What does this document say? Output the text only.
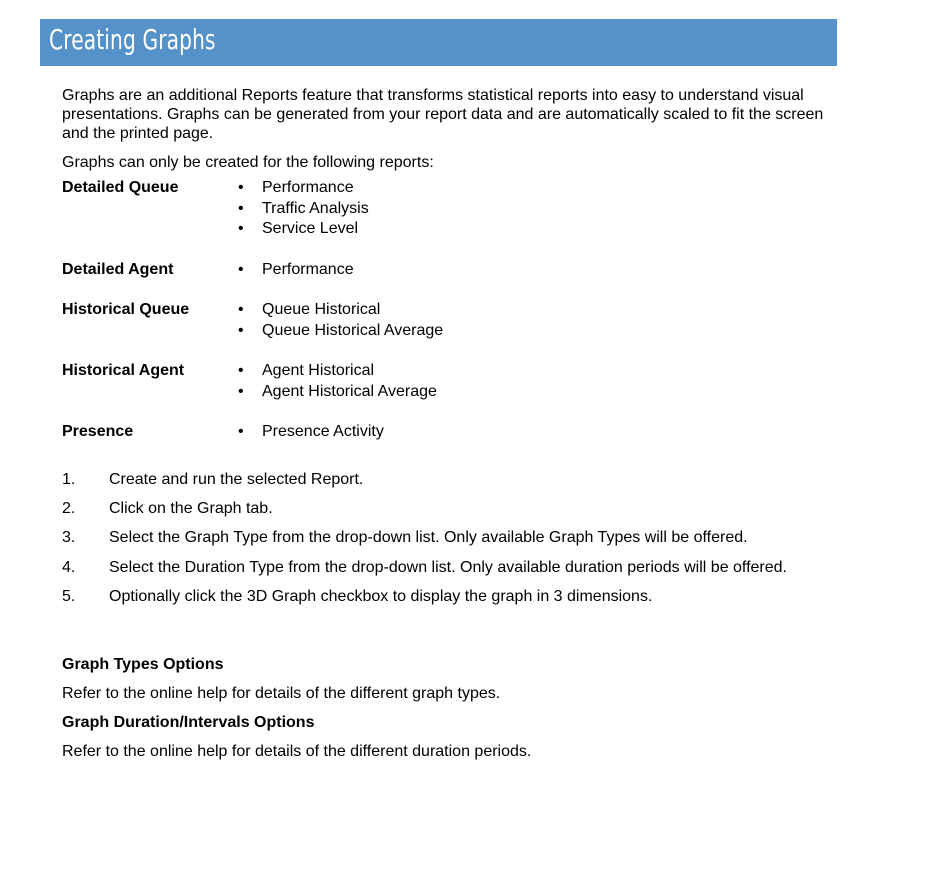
Creating Graphs

Graphs are an additional Reports feature that transforms statistical reports into easy to understand visual presentations. Graphs can be generated from your report data and are automatically scaled to fit the screen and the printed page.

Graphs can only be created for the following reports:

Detailed Queue	• Performance
• Traffic Analysis
• Service Level
Detailed Agent	• Performance
Historical Queue	• Queue Historical
• Queue Historical Average
Historical Agent	• Agent Historical
• Agent Historical Average
Presence	• Presence Activity
1.	Create and run the selected Report.
2.	Click on the Graph tab.
3.	Select the Graph Type from the drop-down list. Only available Graph Types will be offered.
4.	Select the Duration Type from the drop-down list. Only available duration periods will be offered.
5.	Optionally click the 3D Graph checkbox to display the graph in 3 dimensions.

Graph Types Options

Refer to the online help for details of the different graph types.

Graph Duration/Intervals Options

Refer to the online help for details of the different duration periods.
